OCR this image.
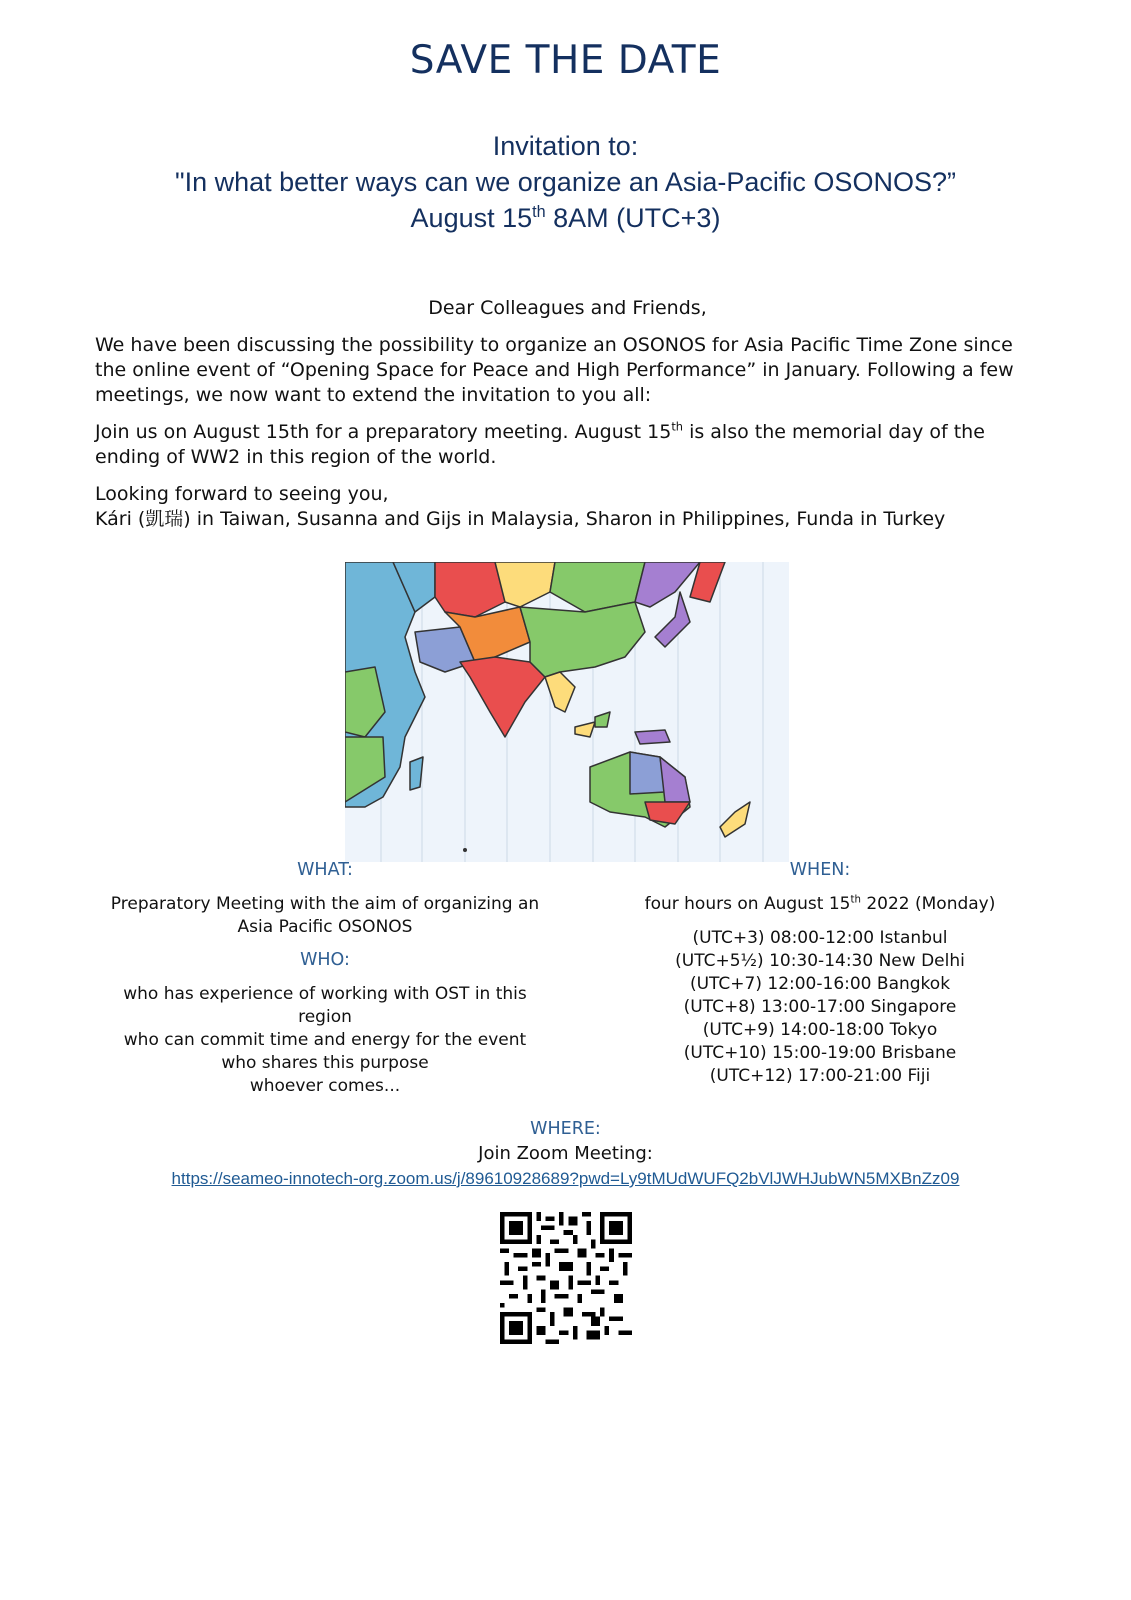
SAVE THE DATE
Invitation to:
"In what better ways can we organize an Asia-Pacific OSONOS?”
August 15th 8AM (UTC+3)
Dear Colleagues and Friends,
We have been discussing the possibility to organize an OSONOS for Asia Pacific Time Zone since the online event of “Opening Space for Peace and High Performance” in January. Following a few meetings, we now want to extend the invitation to you all:
Join us on August 15th for a preparatory meeting. August 15th is also the memorial day of the ending of WW2 in this region of the world.
Looking forward to seeing you,
Kári (凱瑞) in Taiwan, Susanna and Gijs in Malaysia, Sharon in Philippines, Funda in Turkey
WHAT:
Preparatory Meeting with the aim of organizing an Asia Pacific OSONOS
WHO:
who has experience of working with OST in this region
who can commit time and energy for the event
who shares this purpose
whoever comes...
WHEN:
four hours on August 15th 2022 (Monday)
(UTC+3) 08:00-12:00 Istanbul
(UTC+5½) 10:30-14:30 New Delhi
(UTC+7) 12:00-16:00 Bangkok
(UTC+8) 13:00-17:00 Singapore
(UTC+9) 14:00-18:00 Tokyo
(UTC+10) 15:00-19:00 Brisbane
(UTC+12) 17:00-21:00 Fiji
WHERE:
Join Zoom Meeting:
https://seameo-innotech-org.zoom.us/j/89610928689?pwd=Ly9tMUdWUFQ2bVlJWHJubWN5MXBnZz09
